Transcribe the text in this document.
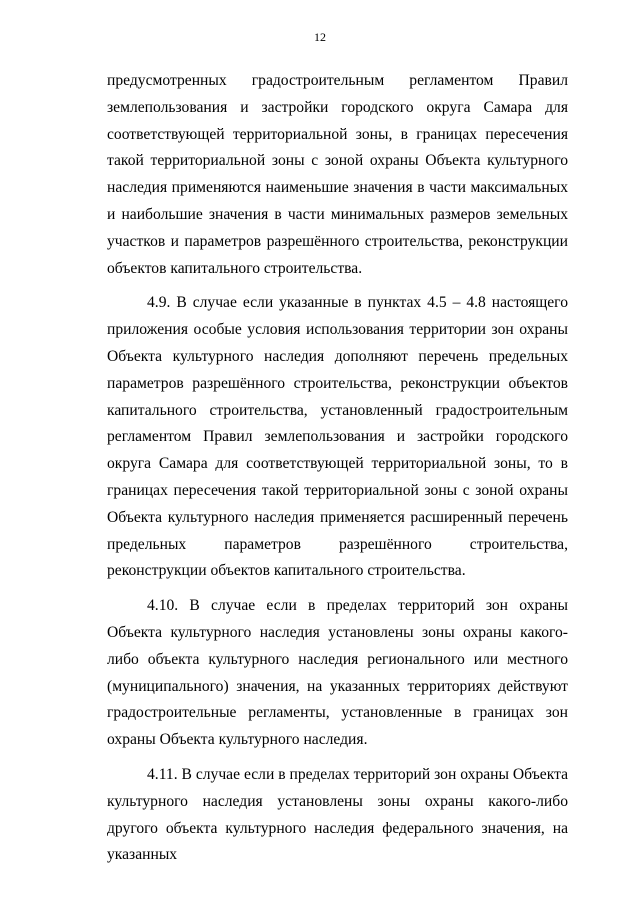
12

предусмотренных градостроительным регламентом Правил землепользования и застройки городского округа Самара для соответствующей территориальной зоны, в границах пересечения такой территориальной зоны с зоной охраны Объекта культурного наследия применяются наименьшие значения в части максимальных и наибольшие значения в части минимальных размеров земельных участков и параметров разрешённого строительства, реконструкции объектов капитального строительства.

4.9. В случае если указанные в пунктах 4.5 – 4.8 настоящего приложения особые условия использования территории зон охраны Объекта культурного наследия дополняют перечень предельных параметров разрешённого строительства, реконструкции объектов капитального строительства, установленный градостроительным регламентом Правил землепользования и застройки городского округа Самара для соответствующей территориальной зоны, то в границах пересечения такой территориальной зоны с зоной охраны Объекта культурного наследия применяется расширенный перечень предельных параметров разрешённого строительства, реконструкции объектов капитального строительства.

4.10. В случае если в пределах территорий зон охраны Объекта культурного наследия установлены зоны охраны какого-либо объекта культурного наследия регионального или местного (муниципального) значения, на указанных территориях действуют градостроительные регламенты, установленные в границах зон охраны Объекта культурного наследия.

4.11. В случае если в пределах территорий зон охраны Объекта культурного наследия установлены зоны охраны какого-либо другого объекта культурного наследия федерального значения, на указанных
